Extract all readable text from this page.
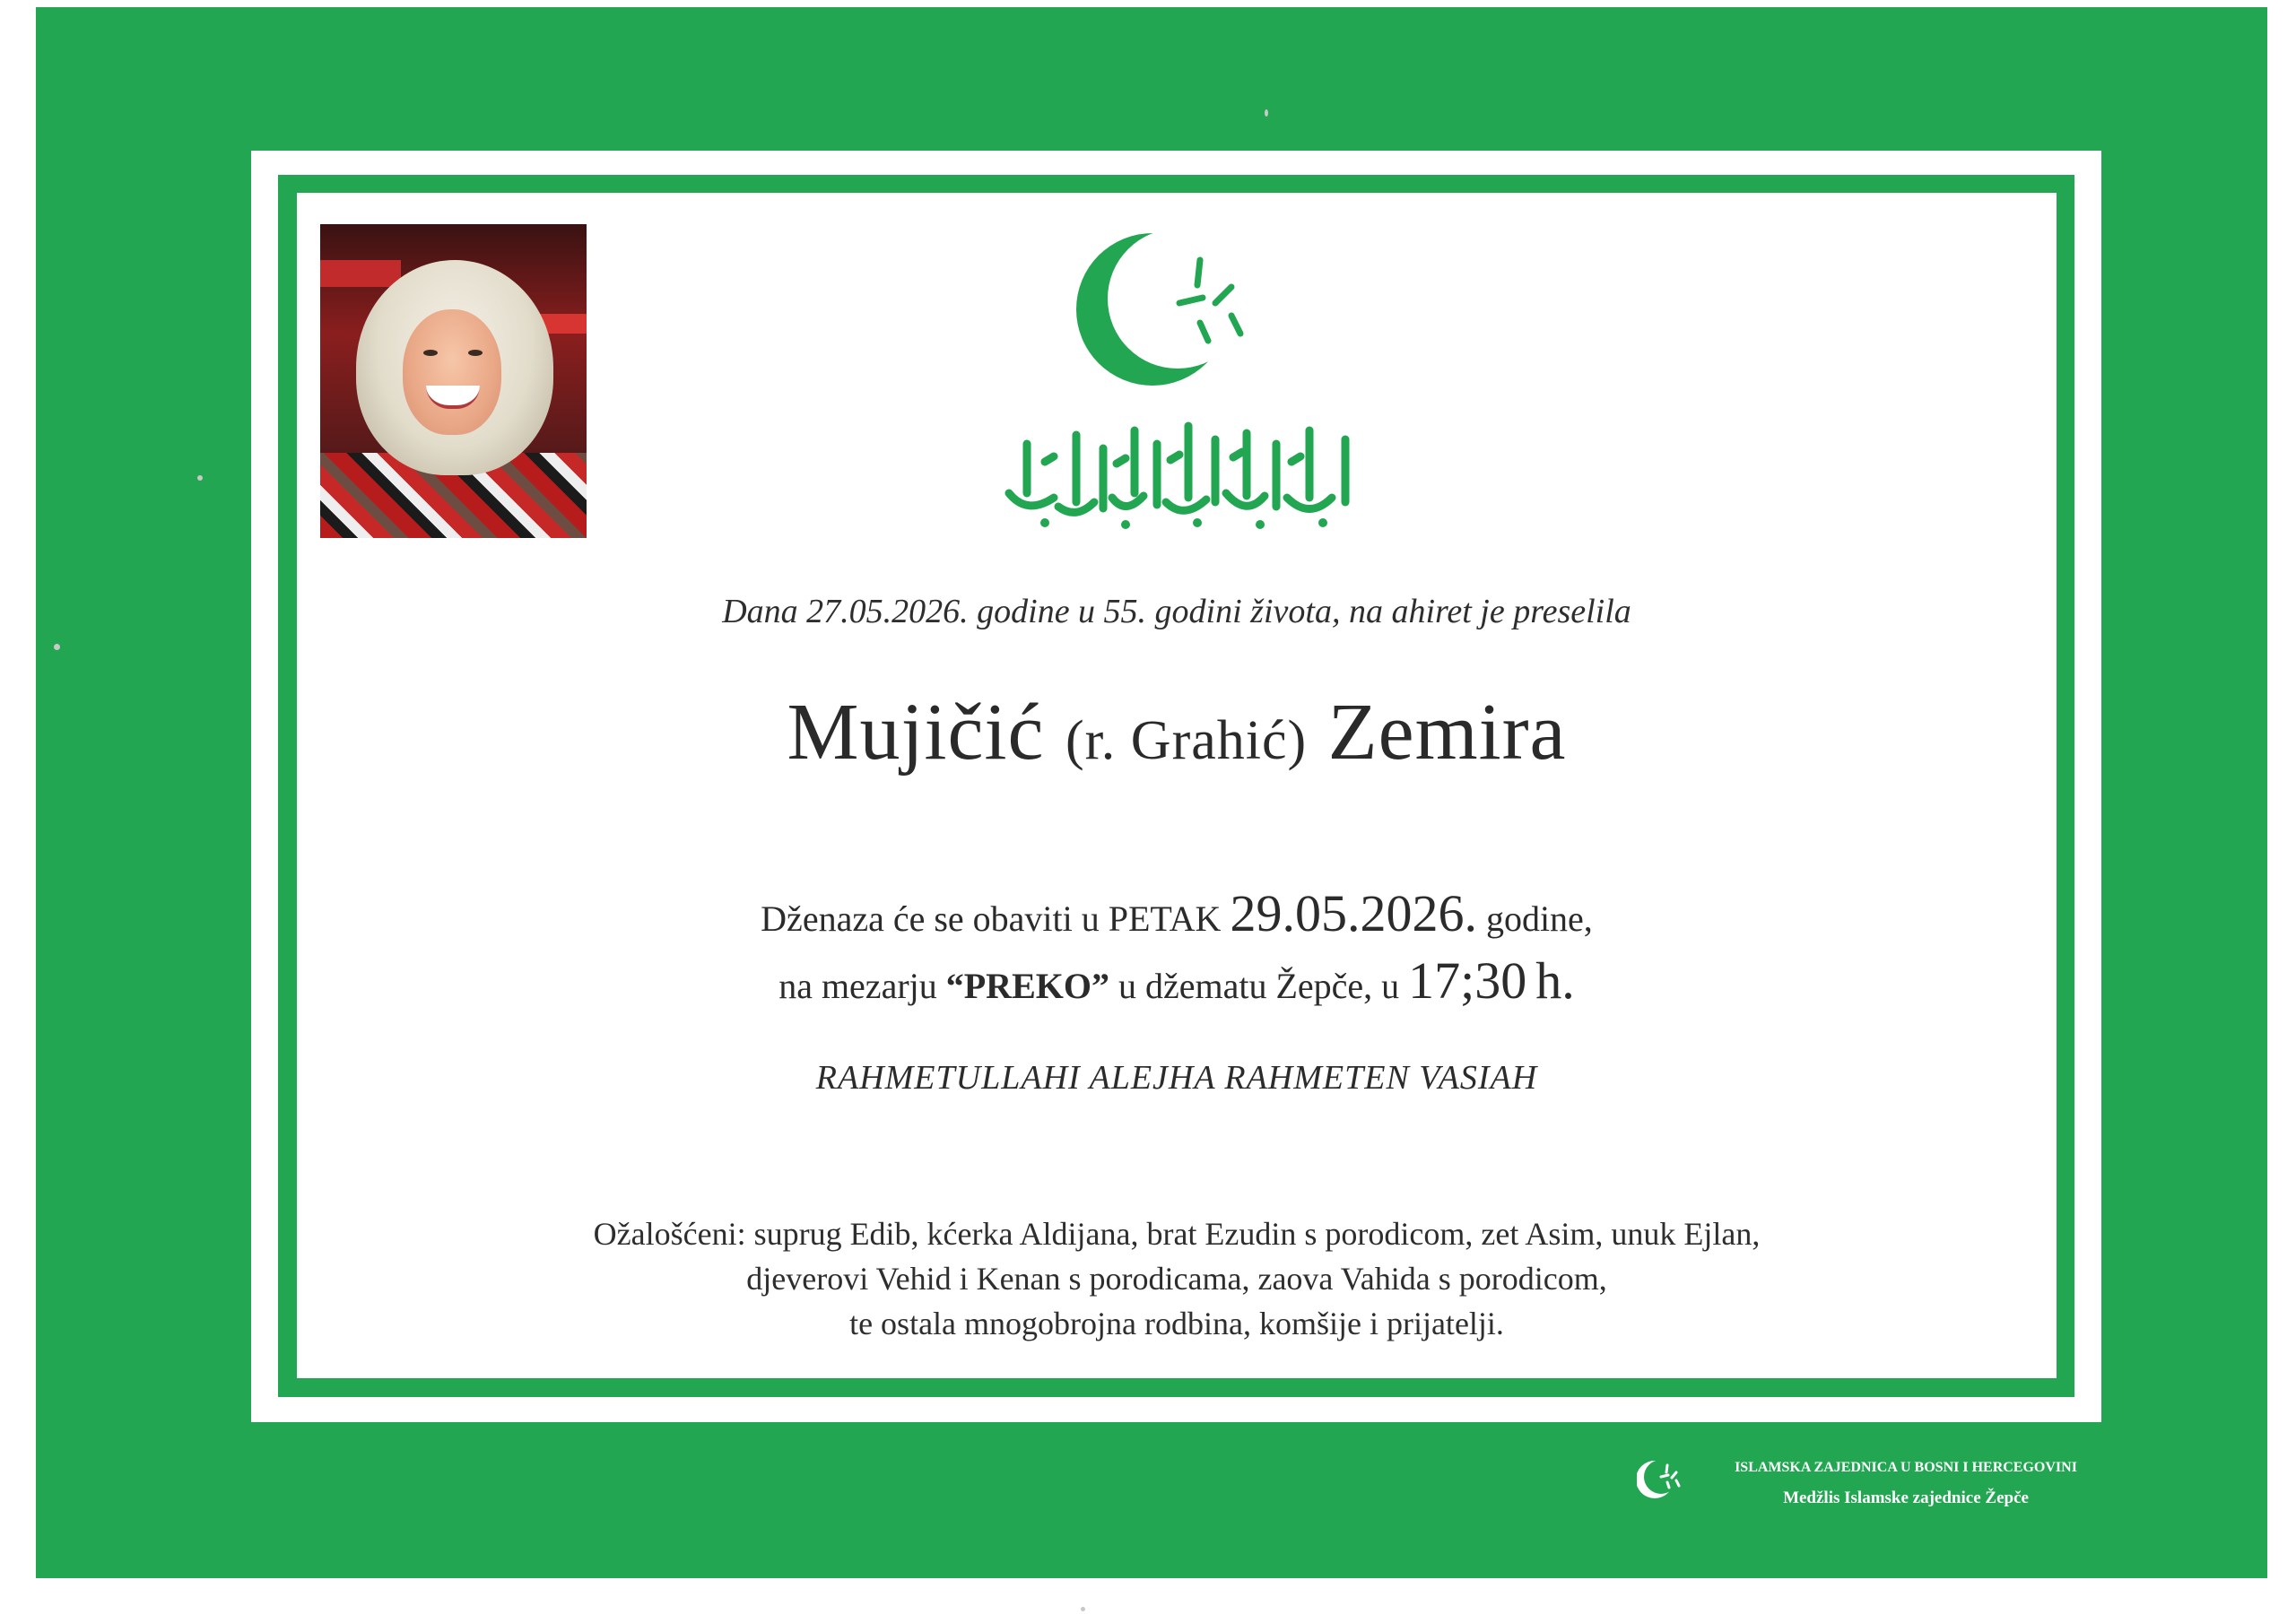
Dana 27.05.2026. godine u 55. godini života, na ahiret je preselila
Mujičić (r. Grahić) Zemira
Dženaza će se obaviti u PETAK 29.05.2026. godine,
na mezarju “PREKO” u džematu Žepče, u 17;30 h.
RAHMETULLAHI ALEJHA RAHMETEN VASIAH
Ožalošćeni: suprug Edib, kćerka Aldijana, brat Ezudin s porodicom, zet Asim, unuk Ejlan,
djeverovi Vehid i Kenan s porodicama, zaova Vahida s porodicom,
te ostala mnogobrojna rodbina, komšije i prijatelji.
ISLAMSKA ZAJEDNICA U BOSNI I HERCEGOVINI
Medžlis Islamske zajednice Žepče
